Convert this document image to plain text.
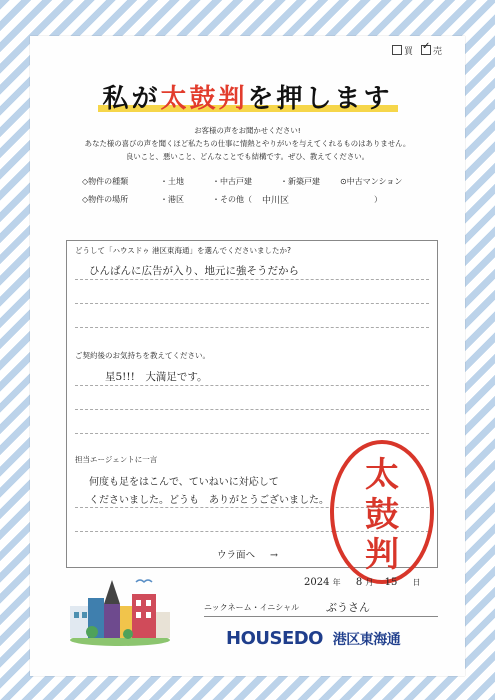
買
✓	売
私が太鼓判を押します
お客様の声をお聞かせください!
あなた様の喜びの声を聞くほど私たちの仕事に情熱とやりがいを与えてくれるものはありません。
良いこと、悪いこと、どんなことでも結構です。ぜひ、教えてください。
◇物件の種類	・土地	・中古戸建	・新築戸建	⊙中古マンション
◇物件の場所	・港区	・その他（ 中川区	）
どうして「ハウスドゥ 港区東海通」を選んでくださいましたか?
ひんぱんに広告が入り、地元に強そうだから
ご契約後のお気持ちを教えてください。
星5!!!　大満足です。
担当エージェントに一言
何度も足をはこんで、ていねいに対応して
くださいました。どうも　ありがとうございました。
ウラ面へ →
太
鼓
判
2024 年 8 月 15 日
ニックネーム・イニシャル ぶうさん
HOUSEDO 港区東海通
